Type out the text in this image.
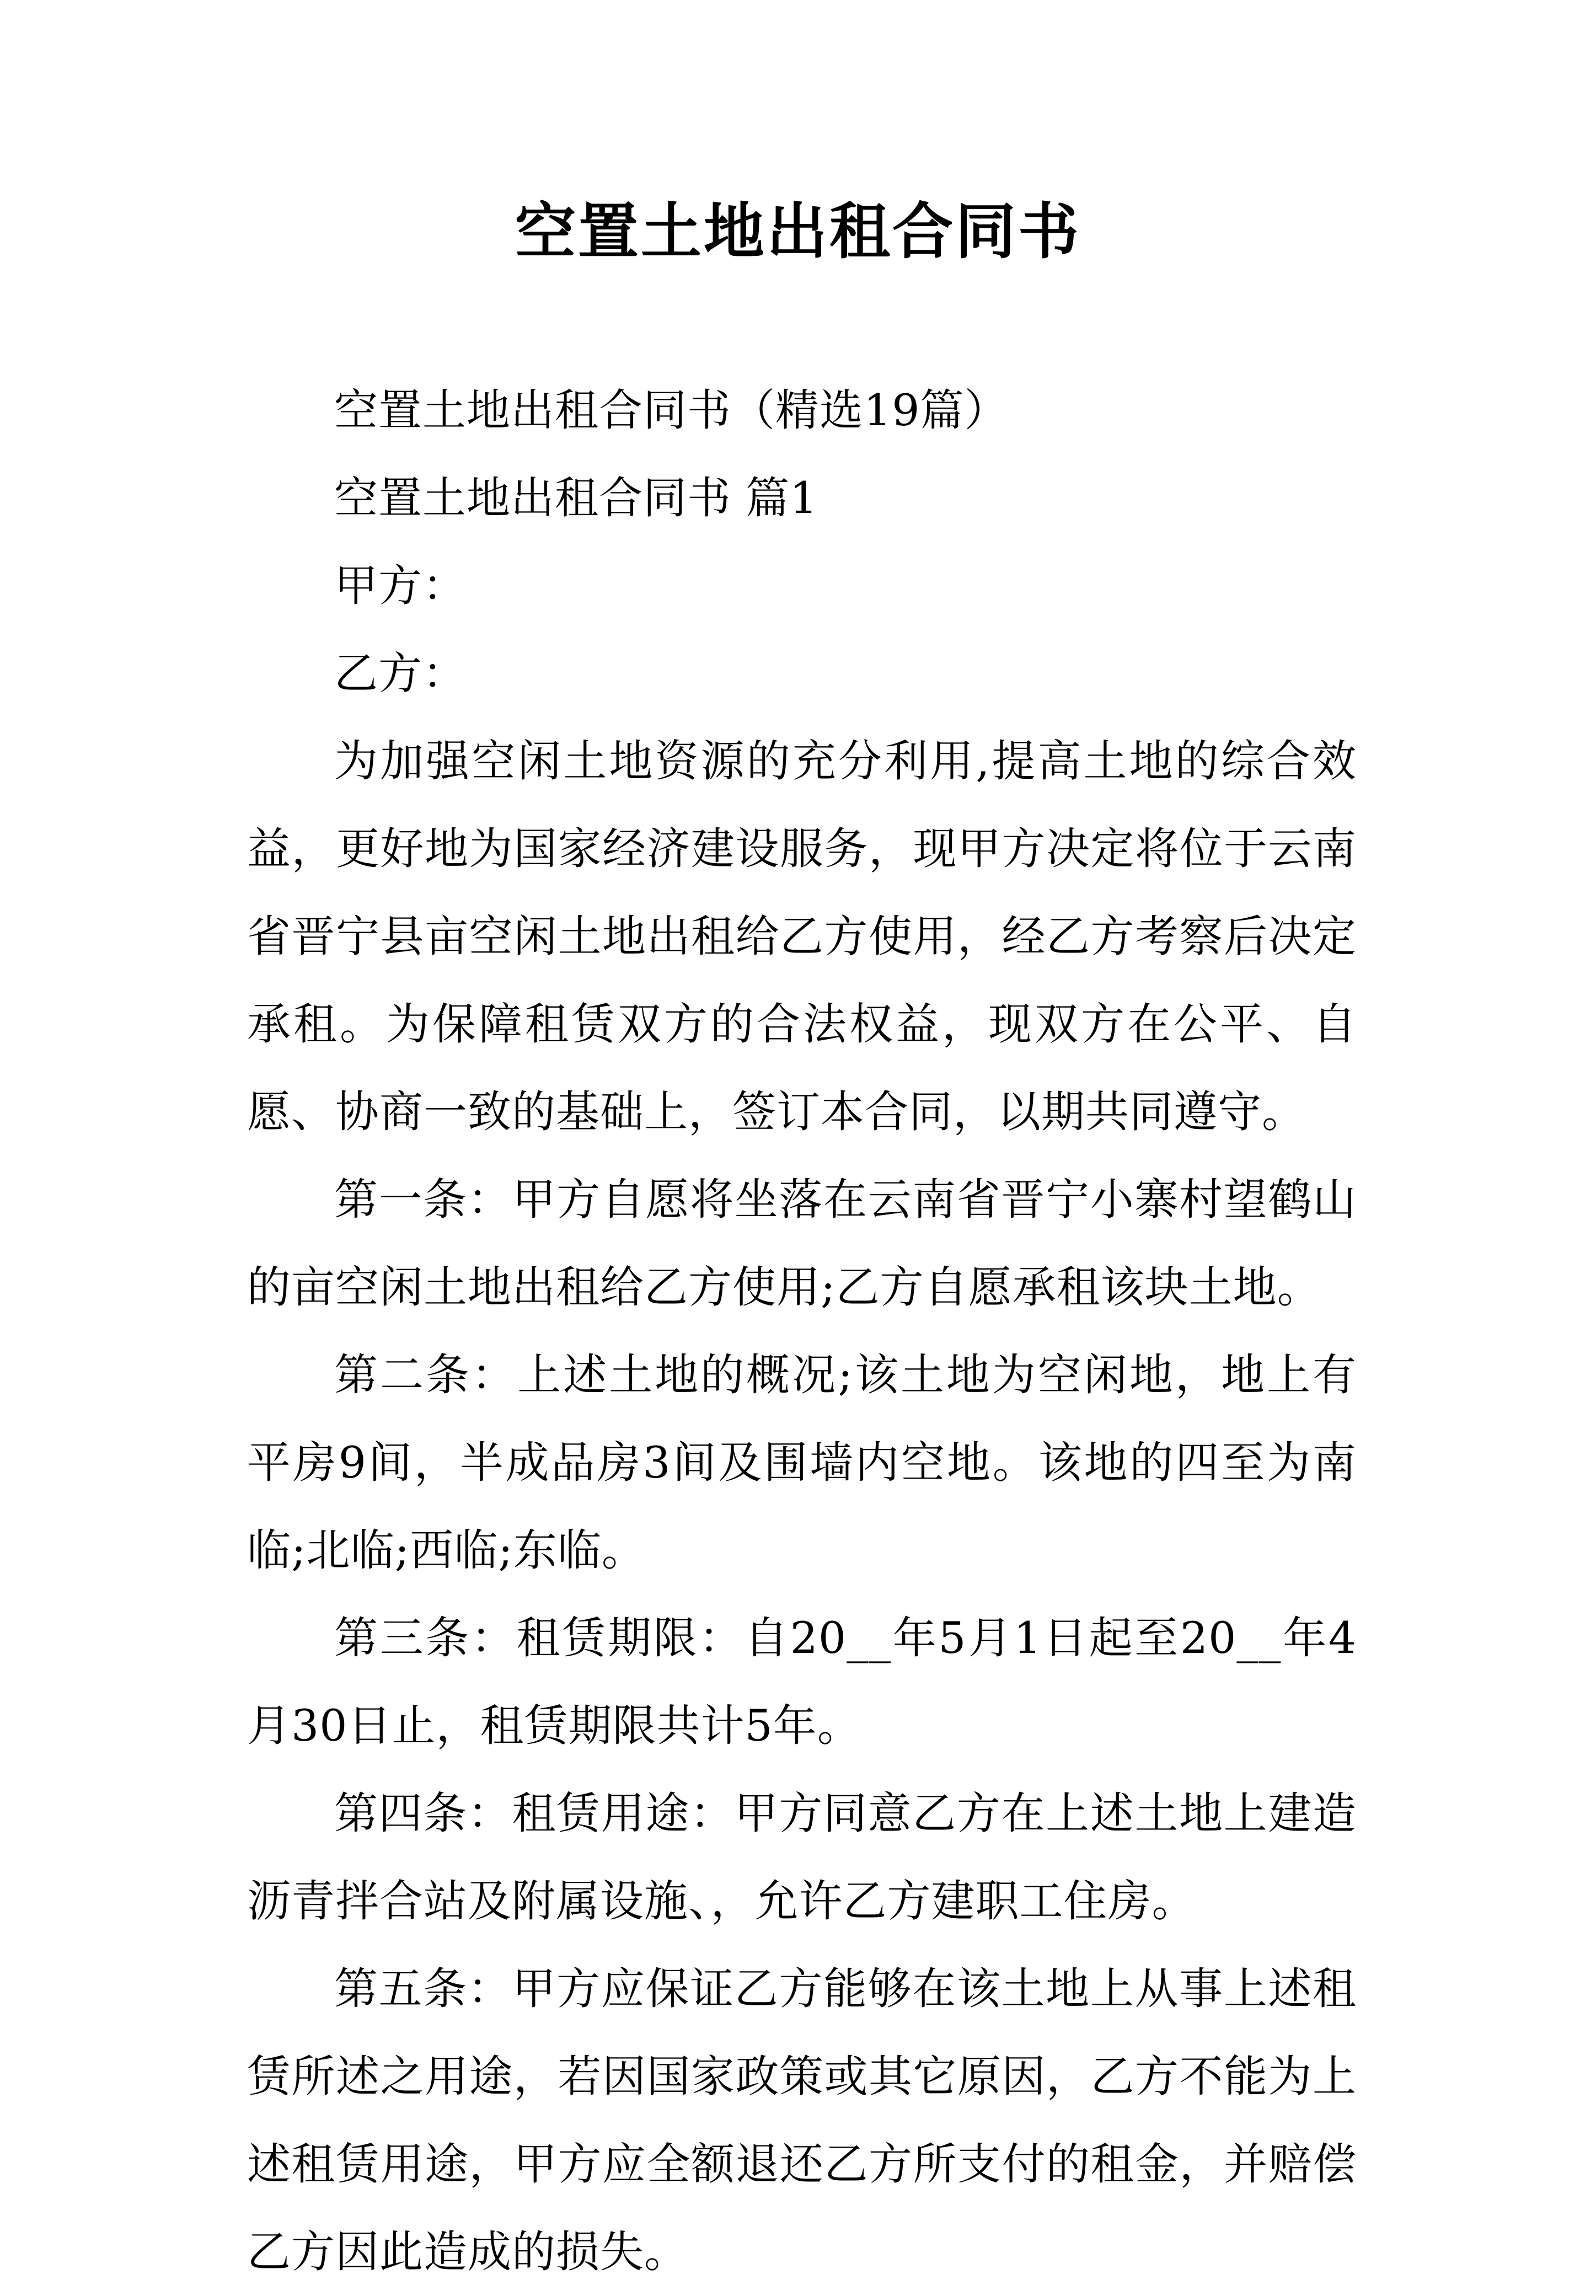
空置土地出租合同书

空置土地出租合同书（精选19篇）

空置土地出租合同书 篇1

甲方：

乙方：

为加强空闲土地资源的充分利用,提高土地的综合效益，更好地为国家经济建设服务，现甲方决定将位于云南省晋宁县亩空闲土地出租给乙方使用，经乙方考察后决定承租。为保障租赁双方的合法权益，现双方在公平、自愿、协商一致的基础上，签订本合同，以期共同遵守。

第一条：甲方自愿将坐落在云南省晋宁小寨村望鹤山的亩空闲土地出租给乙方使用;乙方自愿承租该块土地。

第二条：上述土地的概况;该土地为空闲地，地上有平房9间，半成品房3间及围墙内空地。该地的四至为南临;北临;西临;东临。

第三条：租赁期限：自20__年5月1日起至20__年4月30日止，租赁期限共计5年。

第四条：租赁用途：甲方同意乙方在上述土地上建造沥青拌合站及附属设施、，允许乙方建职工住房。

第五条：甲方应保证乙方能够在该土地上从事上述租赁所述之用途，若因国家政策或其它原因，乙方不能为上述租赁用途，甲方应全额退还乙方所支付的租金，并赔偿乙方因此造成的损失。
